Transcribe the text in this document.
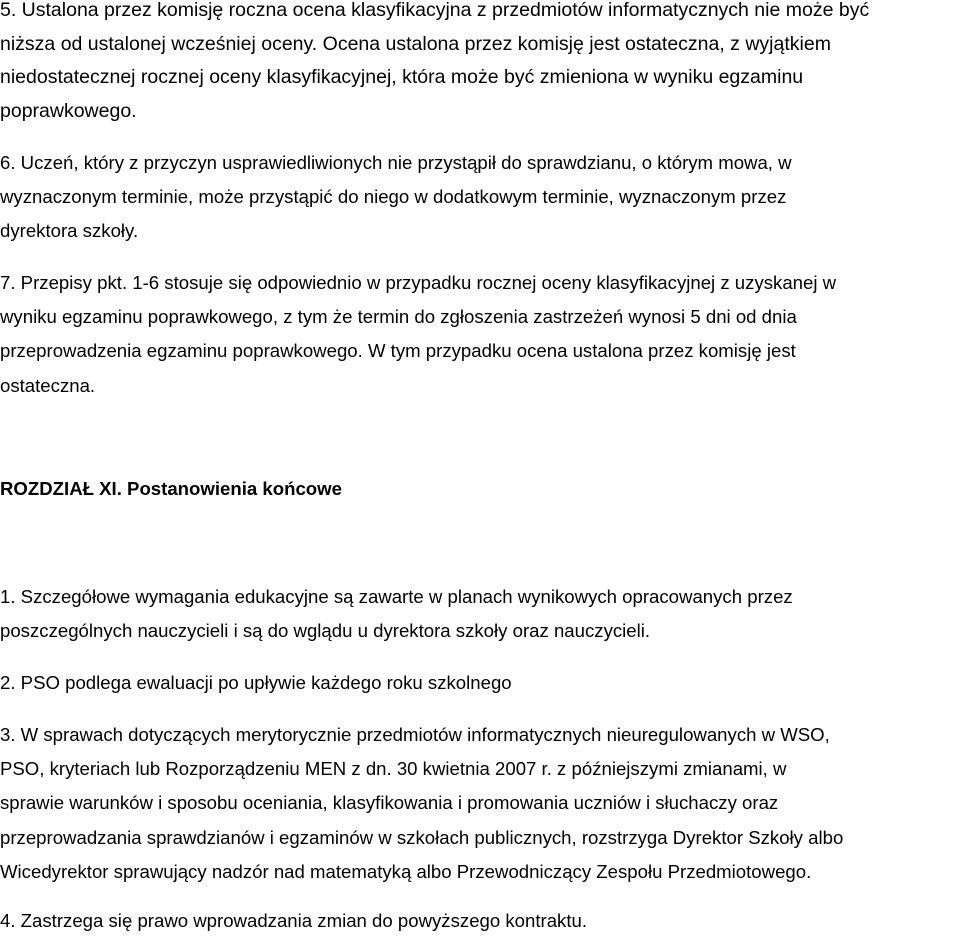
5. Ustalona przez komisję roczna ocena klasyfikacyjna z przedmiotów informatycznych nie może być
niższa od ustalonej wcześniej oceny. Ocena ustalona przez komisję jest ostateczna, z wyjątkiem
niedostatecznej rocznej oceny klasyfikacyjnej, która może być zmieniona w wyniku egzaminu
poprawkowego.

6. Uczeń, który z przyczyn usprawiedliwionych nie przystąpił do sprawdzianu, o którym mowa, w
wyznaczonym terminie, może przystąpić do niego w dodatkowym terminie, wyznaczonym przez
dyrektora szkoły.

7. Przepisy pkt. 1-6 stosuje się odpowiednio w przypadku rocznej oceny klasyfikacyjnej z uzyskanej w
wyniku egzaminu poprawkowego, z tym że termin do zgłoszenia zastrzeżeń wynosi 5 dni od dnia
przeprowadzenia egzaminu poprawkowego. W tym przypadku ocena ustalona przez komisję jest
ostateczna.

ROZDZIAŁ XI. Postanowienia końcowe

1. Szczegółowe wymagania edukacyjne są zawarte w planach wynikowych opracowanych przez
poszczególnych nauczycieli i są do wglądu u dyrektora szkoły oraz nauczycieli.

2. PSO podlega ewaluacji po upływie każdego roku szkolnego

3. W sprawach dotyczących merytorycznie przedmiotów informatycznych nieuregulowanych w WSO,
PSO, kryteriach lub Rozporządzeniu MEN z dn. 30 kwietnia 2007 r. z późniejszymi zmianami, w
sprawie warunków i sposobu oceniania, klasyfikowania i promowania uczniów i słuchaczy oraz
przeprowadzania sprawdzianów i egzaminów w szkołach publicznych, rozstrzyga Dyrektor Szkoły albo
Wicedyrektor sprawujący nadzór nad matematyką albo Przewodniczący Zespołu Przedmiotowego.

4. Zastrzega się prawo wprowadzania zmian do powyższego kontraktu.
